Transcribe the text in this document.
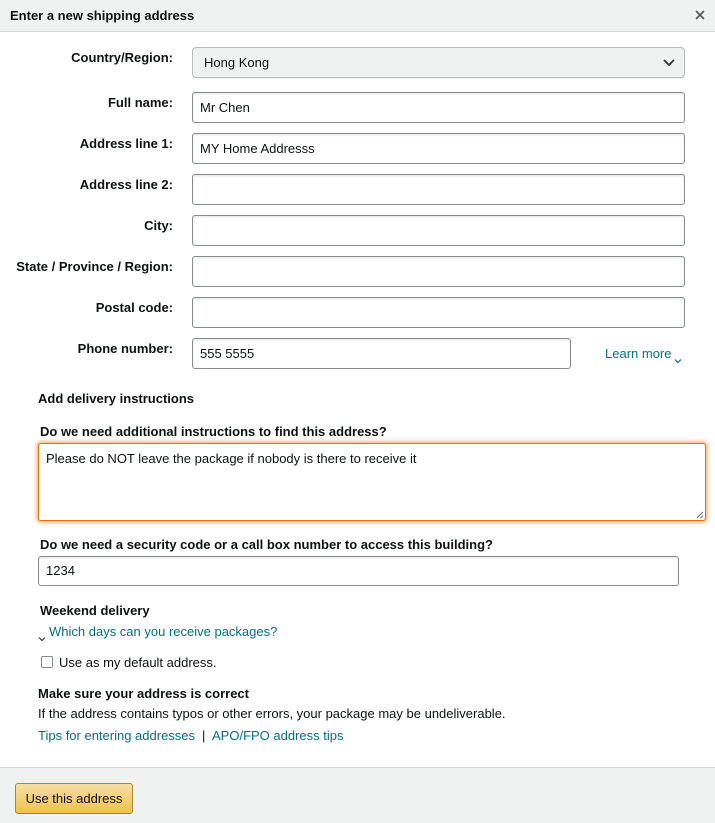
Enter a new shipping address
Country/Region:	Hong Kong
Full name:	Mr Chen
Address line 1:	MY Home Addresss
Address line 2:
City:
State / Province / Region:
Postal code:
Phone number:	555 5555	Learn more
Add delivery instructions
Do we need additional instructions to find this address?
Please do NOT leave the package if nobody is there to receive it
Do we need a security code or a call box number to access this building?
1234
Weekend delivery
Which days can you receive packages?
Use as my default address.
Make sure your address is correct
If the address contains typos or other errors, your package may be undeliverable.
Tips for entering addresses | APO/FPO address tips
Use this address
